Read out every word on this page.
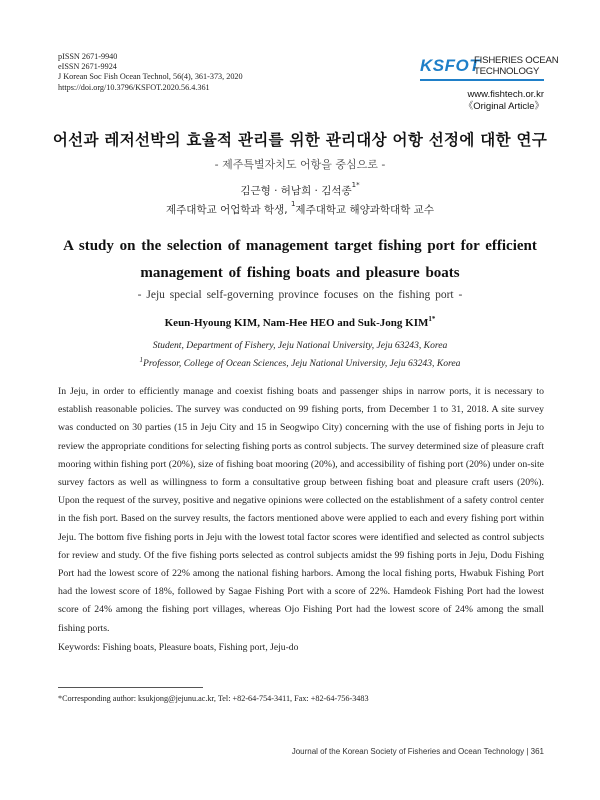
pISSN 2671-9940
eISSN 2671-9924
J Korean Soc Fish Ocean Technol, 56(4), 361-373, 2020
https://doi.org/10.3796/KSFOT.2020.56.4.361
KSFOT
FISHERIES OCEAN
TECHNOLOGY
www.fishtech.or.kr
《Original Article》
어선과 레저선박의 효율적 관리를 위한 관리대상 어항 선정에 대한 연구
- 제주특별자치도 어항을 중심으로 -
김근형 · 허남희 · 김석종$^{1*}$
제주대학교 어업학과 학생, $^1$제주대학교 해양과학대학 교수
A study on the selection of management target fishing port for efficient
management of fishing boats and pleasure boats
- Jeju special self-governing province focuses on the fishing port -
Keun-Hyoung KIM, Nam-Hee HEO and Suk-Jong $KIM^{1*}$
Student, Department of Fishery, Jeju National University, Jeju 63243, Korea
$^1$Professor, College of Ocean Sciences, Jeju National University, Jeju 63243, Korea
In Jeju, in order to efficiently manage and coexist fishing boats and passenger ships in narrow ports, it is necessary to establish reasonable policies. The survey was conducted on 99 fishing ports, from December 1 to 31, 2018. A site survey was conducted on 30 parties (15 in Jeju City and 15 in Seogwipo City) concerning with the use of fishing ports in Jeju to review the appropriate conditions for selecting fishing ports as control subjects. The survey determined size of pleasure craft mooring within fishing port (20%), size of fishing boat mooring (20%), and accessibility of fishing port (20%) under on-site survey factors as well as willingness to form a consultative group between fishing boat and pleasure craft users (20%). Upon the request of the survey, positive and negative opinions were collected on the establishment of a safety control center in the fish port. Based on the survey results, the factors mentioned above were applied to each and every fishing port within Jeju. The bottom five fishing ports in Jeju with the lowest total factor scores were identified and selected as control subjects for review and study. Of the five fishing ports selected as control subjects amidst the 99 fishing ports in Jeju, Dodu Fishing Port had the lowest score of 22% among the national fishing harbors. Among the local fishing ports, Hwabuk Fishing Port had the lowest score of 18%, followed by Sagae Fishing Port with a score of 22%. Hamdeok Fishing Port had the lowest score of 24% among the fishing port villages, whereas Ojo Fishing Port had the lowest score of 24% among the small fishing ports.
Keywords: Fishing boats, Pleasure boats, Fishing port, Jeju-do
*Corresponding author: ksukjong@jejunu.ac.kr, Tel: +82-64-754-3411, Fax: +82-64-756-3483
Journal of the Korean Society of Fisheries and Ocean Technology | 361
